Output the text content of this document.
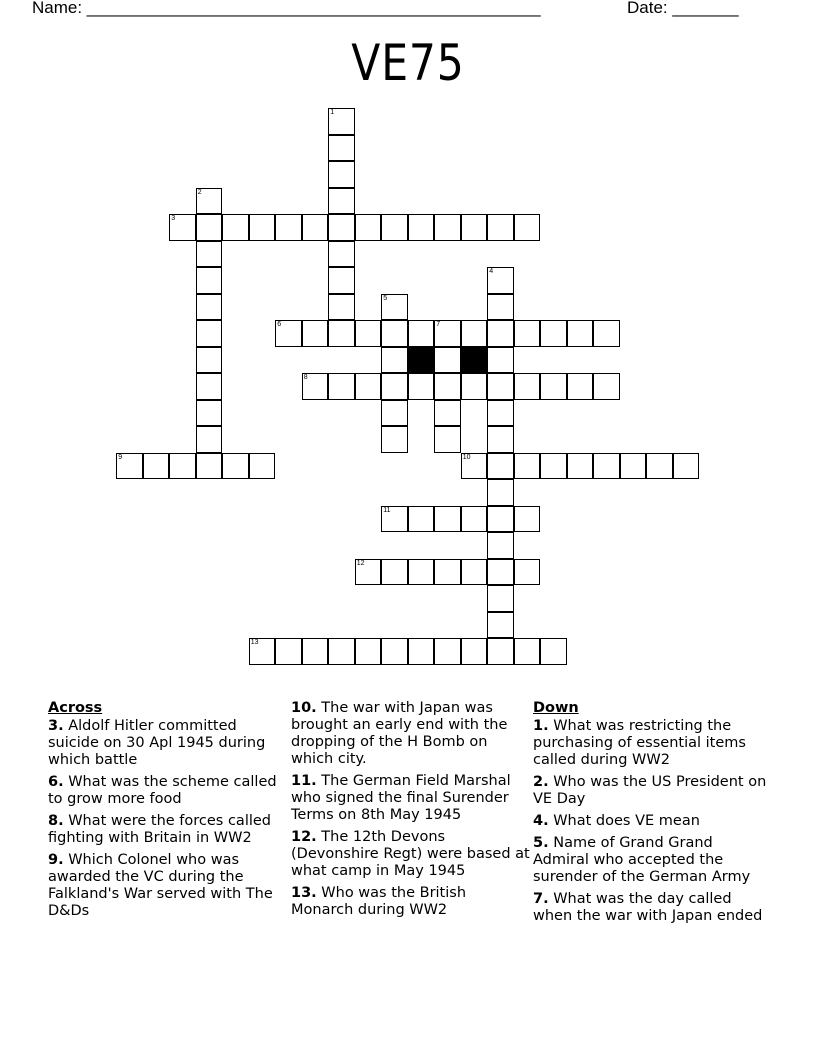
Name: ________________________________________________	Date: _______
VE75
3
6	7
8
9	10
11
12
13
1
2
4
5
Across
3. Aldolf Hitler committed suicide on 30 Apl 1945 during which battle
6. What was the scheme called to grow more food
8. What were the forces called fighting with Britain in WW2
9. Which Colonel who was awarded the VC during the Falkland's War served with The D&Ds
10. The war with Japan was brought an early end with the dropping of the H Bomb on which city.
11. The German Field Marshal who signed the final Surender Terms on 8th May 1945
12. The 12th Devons (Devonshire Regt) were based at what camp in May 1945
13. Who was the British Monarch during WW2
Down
1. What was restricting the purchasing of essential items called during WW2
2. Who was the US President on VE Day
4. What does VE mean
5. Name of Grand Grand Admiral who accepted the surender of the German Army
7. What was the day called when the war with Japan ended
